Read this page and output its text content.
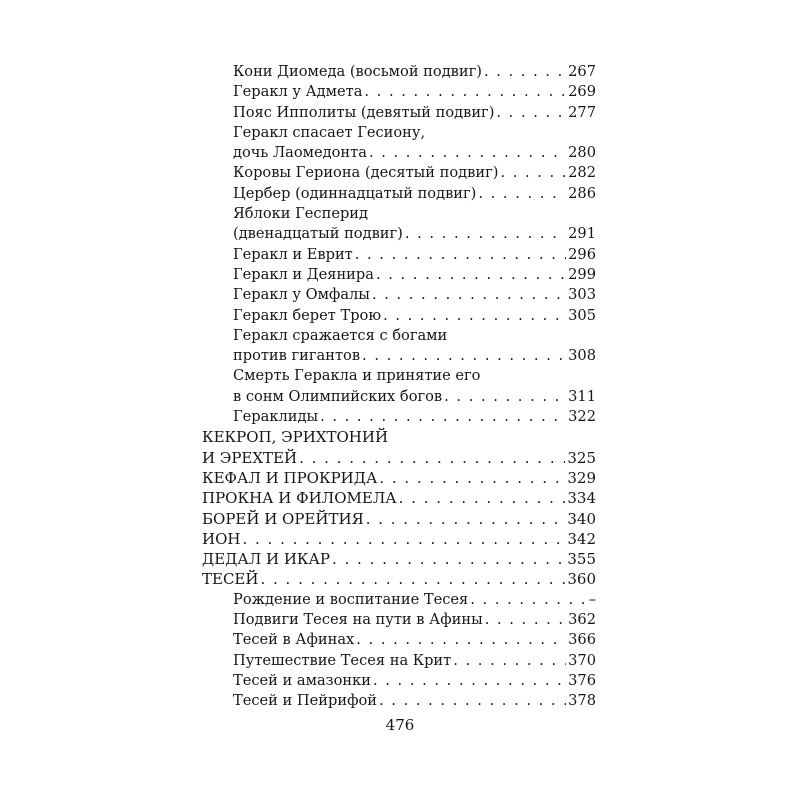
Кони Диомеда (восьмой подвиг) . . .	267
Геракл у Адмета . . .	269
Пояс Ипполиты (девятый подвиг) . . .	277
Геракл спасает Гесиону,
дочь Лаомедонта . . .	280
Коровы Гериона (десятый подвиг) . . .	282
Цербер (одиннадцатый подвиг) . . .	286
Яблоки Гесперид
(двенадцатый подвиг) . . .	291
Геракл и Еврит . . .	296
Геракл и Деянира . . .	299
Геракл у Омфалы . . .	303
Геракл берет Трою . . .	305
Геракл сражается с богами
против гигантов . . .	308
Смерть Геракла и принятие его
в сонм Олимпийских богов . . .	311
Гераклиды . . .	322
КЕКРОП, ЭРИХТОНИЙ
И ЭРЕХТЕЙ . . .	325
КЕФАЛ И ПРОКРИДА . . .	329
ПРОКНА И ФИЛОМЕЛА . . .	334
БОРЕЙ И ОРЕЙТИЯ . . .	340
ИОН . . .	342
ДЕДАЛ И ИКАР . . .	355
ТЕСЕЙ . . .	360
Рождение и воспитание Тесея . . .	–
Подвиги Тесея на пути в Афины . . .	362
Тесей в Афинах . . .	366
Путешествие Тесея на Крит . . .	370
Тесей и амазонки . . .	376
Тесей и Пейрифой . . .	378
476
